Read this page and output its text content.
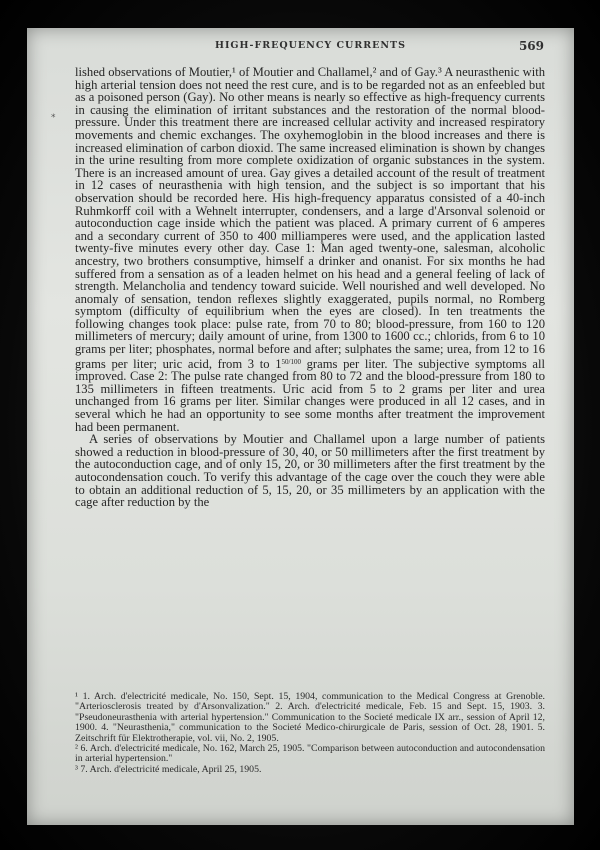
HIGH-FREQUENCY CURRENTS	569
*

lished observations of Moutier,¹ of Moutier and Challamel,² and of Gay.³ A neurasthenic with high arterial tension does not need the rest cure, and is to be regarded not as an enfeebled but as a poisoned person (Gay). No other means is nearly so effective as high-frequency currents in causing the elimination of irritant substances and the restoration of the normal blood-pressure. Under this treatment there are increased cellular activity and increased respiratory movements and chemic exchanges. The oxyhemoglobin in the blood increases and there is increased elimination of carbon dioxid. The same increased elimination is shown by changes in the urine resulting from more complete oxidization of organic substances in the system. There is an increased amount of urea. Gay gives a detailed account of the result of treatment in 12 cases of neurasthenia with high tension, and the subject is so important that his observation should be recorded here. His high-frequency apparatus consisted of a 40-inch Ruhmkorff coil with a Wehnelt interrupter, condensers, and a large d'Arsonval solenoid or autoconduction cage inside which the patient was placed. A primary current of 6 amperes and a secondary current of 350 to 400 milliamperes were used, and the application lasted twenty-five minutes every other day. Case 1: Man aged twenty-one, salesman, alcoholic ancestry, two brothers consumptive, himself a drinker and onanist. For six months he had suffered from a sensation as of a leaden helmet on his head and a general feeling of lack of strength. Melancholia and tendency toward suicide. Well nourished and well developed. No anomaly of sensation, tendon reflexes slightly exaggerated, pupils normal, no Romberg symptom (difficulty of equilibrium when the eyes are closed). In ten treatments the following changes took place: pulse rate, from 70 to 80; blood-pressure, from 160 to 120 millimeters of mercury; daily amount of urine, from 1300 to 1600 cc.; chlorids, from 6 to 10 grams per liter; phosphates, normal before and after; sulphates the same; urea, from 12 to 16 grams per liter; uric acid, from 3 to $1^{50/100}$ grams per liter. The subjective symptoms all improved. Case 2: The pulse rate changed from 80 to 72 and the blood-pressure from 180 to 135 millimeters in fifteen treatments. Uric acid from 5 to 2 grams per liter and urea unchanged from 16 grams per liter. Similar changes were produced in all 12 cases, and in several which he had an opportunity to see some months after treatment the improvement had been permanent.

A series of observations by Moutier and Challamel upon a large number of patients showed a reduction in blood-pressure of 30, 40, or 50 millimeters after the first treatment by the autoconduction cage, and of only 15, 20, or 30 millimeters after the first treatment by the autocondensation couch. To verify this advantage of the cage over the couch they were able to obtain an additional reduction of 5, 15, 20, or 35 millimeters by an application with the cage after reduction by the

¹ 1. Arch. d'electricité medicale, No. 150, Sept. 15, 1904, communication to the Medical Congress at Grenoble. "Arteriosclerosis treated by d'Arsonvalization." 2. Arch. d'electricité medicale, Feb. 15 and Sept. 15, 1903. 3. "Pseudoneurasthenia with arterial hypertension." Communication to the Societé medicale IX arr., session of April 12, 1900. 4. "Neurasthenia," communication to the Societé Medico-chirurgicale de Paris, session of Oct. 28, 1901. 5. Zeitschrift für Elektrotherapie, vol. vii, No. 2, 1905.

² 6. Arch. d'electricité medicale, No. 162, March 25, 1905. "Comparison between autoconduction and autocondensation in arterial hypertension."

³ 7. Arch. d'electricité medicale, April 25, 1905.
